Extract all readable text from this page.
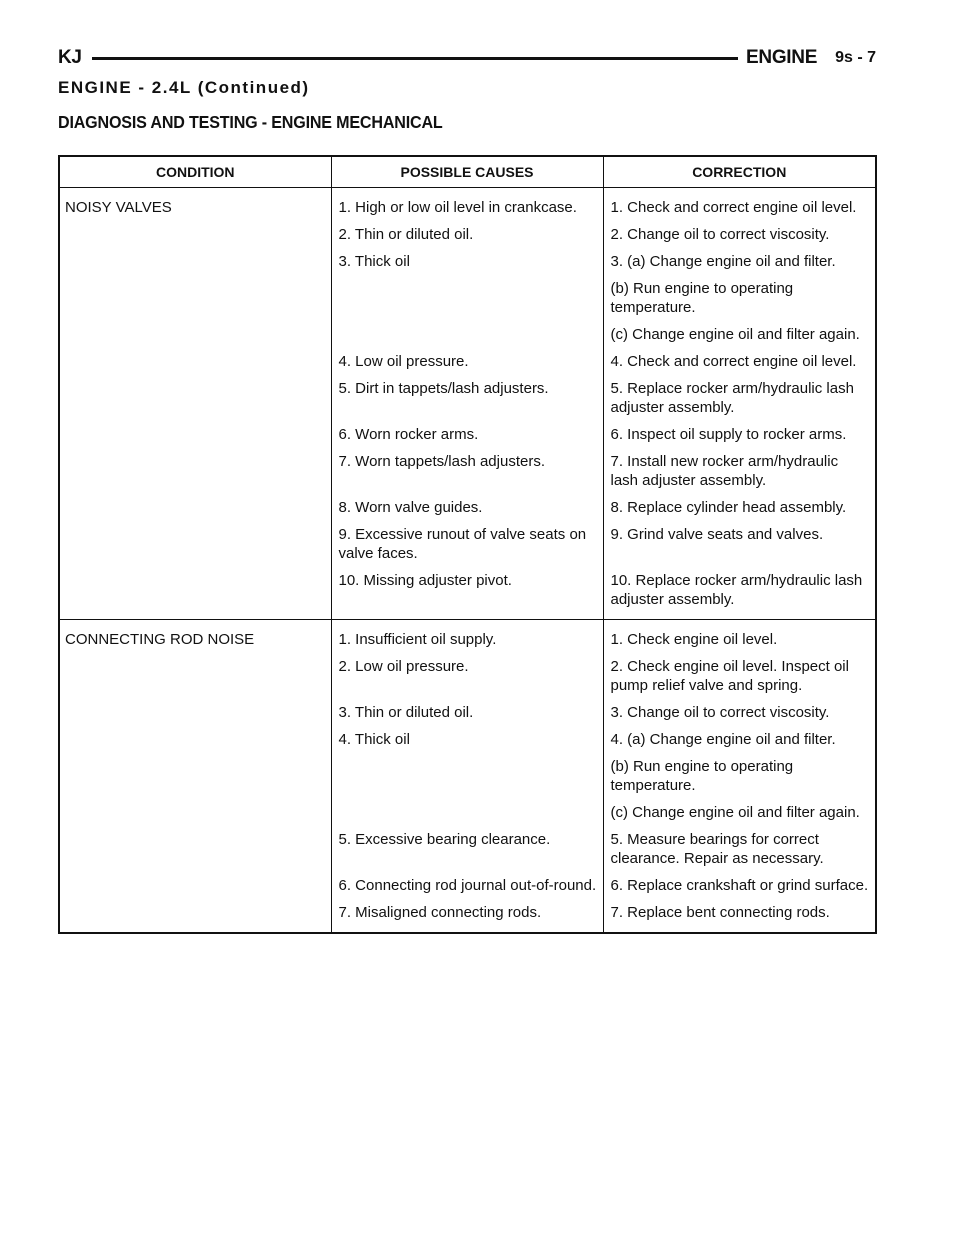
KJ	ENGINE 9s - 7
ENGINE - 2.4L (Continued)
DIAGNOSIS AND TESTING - ENGINE MECHANICAL
CONDITION	POSSIBLE CAUSES	CORRECTION
NOISY VALVES	1. High or low oil level in crankcase.	1. Check and correct engine oil level.
	2. Thin or diluted oil.	2. Change oil to correct viscosity.
	3. Thick oil	3. (a) Change engine oil and filter.
		(b) Run engine to operating temperature.
		(c) Change engine oil and filter again.
	4. Low oil pressure.	4. Check and correct engine oil level.
	5. Dirt in tappets/lash adjusters.	5. Replace rocker arm/hydraulic lash adjuster assembly.
	6. Worn rocker arms.	6. Inspect oil supply to rocker arms.
	7. Worn tappets/lash adjusters.	7. Install new rocker arm/hydraulic lash adjuster assembly.
	8. Worn valve guides.	8. Replace cylinder head assembly.
	9. Excessive runout of valve seats on valve faces.	9. Grind valve seats and valves.
	10. Missing adjuster pivot.	10. Replace rocker arm/hydraulic lash adjuster assembly.
CONNECTING ROD NOISE	1. Insufficient oil supply.	1. Check engine oil level.
	2. Low oil pressure.	2. Check engine oil level. Inspect oil pump relief valve and spring.
	3. Thin or diluted oil.	3. Change oil to correct viscosity.
	4. Thick oil	4. (a) Change engine oil and filter.
		(b) Run engine to operating temperature.
		(c) Change engine oil and filter again.
	5. Excessive bearing clearance.	5. Measure bearings for correct clearance. Repair as necessary.
	6. Connecting rod journal out-of-round.	6. Replace crankshaft or grind surface.
	7. Misaligned connecting rods.	7. Replace bent connecting rods.
